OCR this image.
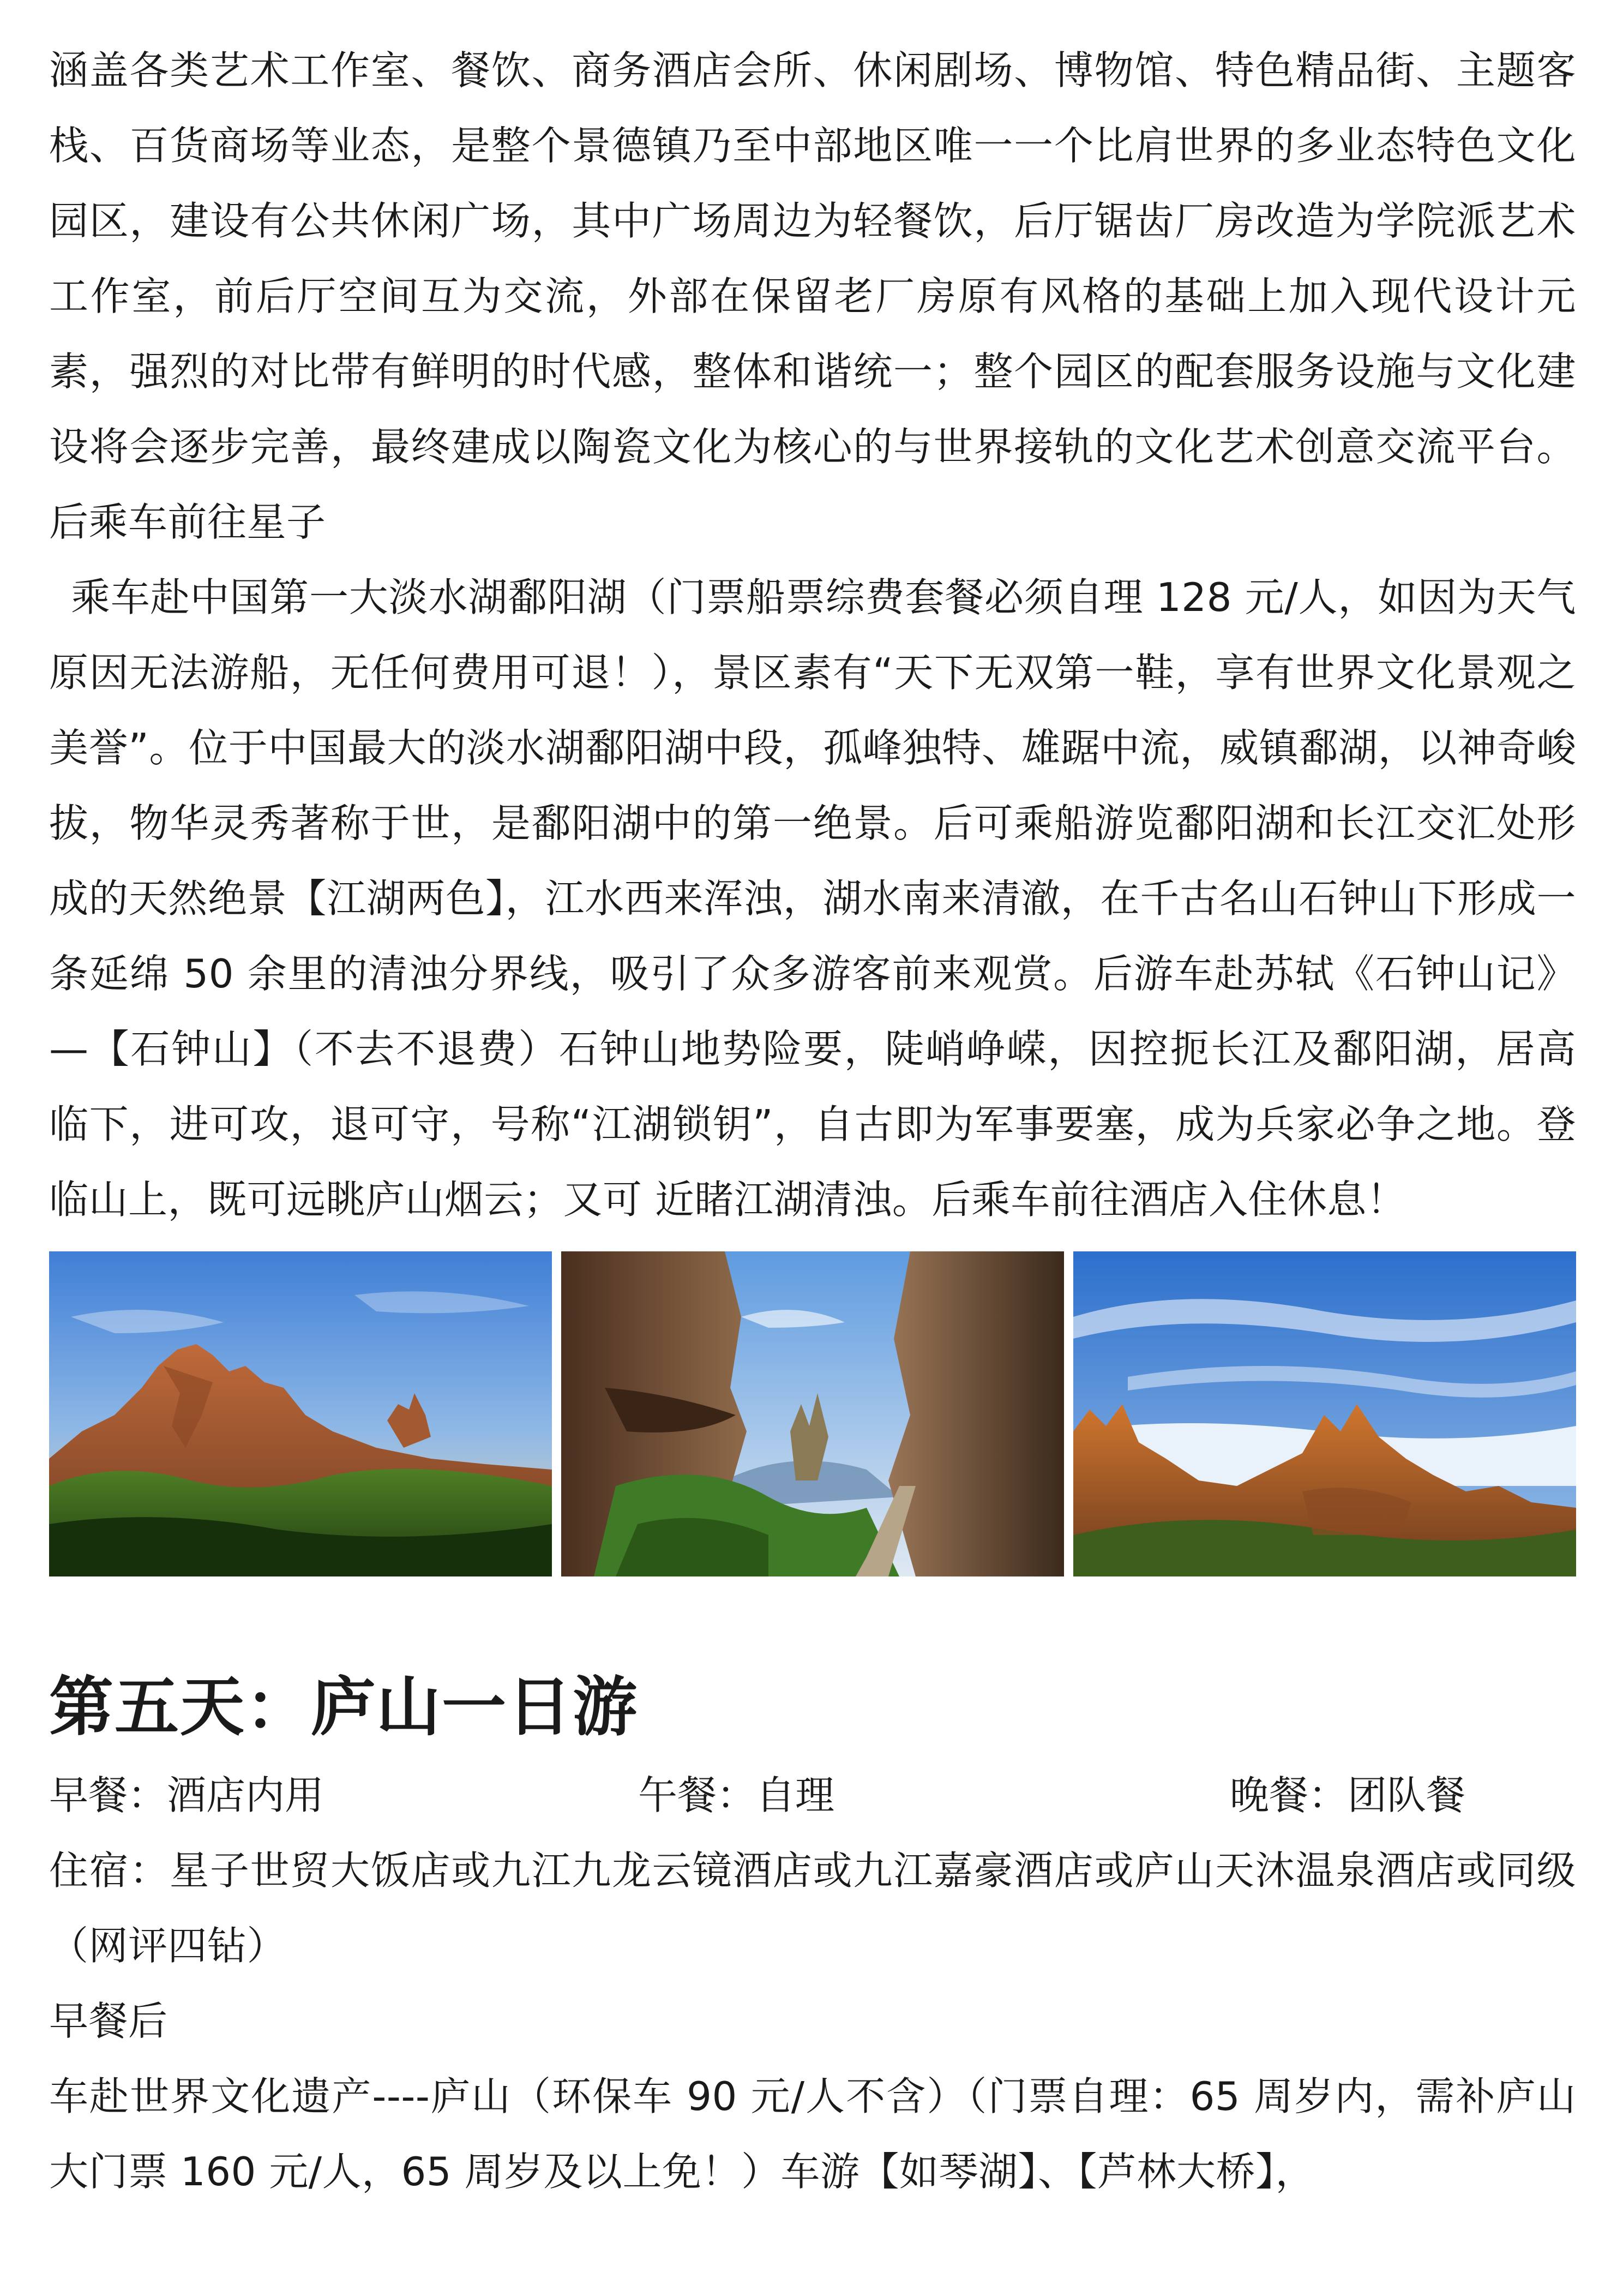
涵盖各类艺术工作室、餐饮、商务酒店会所、休闲剧场、博物馆、特色精品街、主题客栈、百货商场等业态，是整个景德镇乃至中部地区唯一一个比肩世界的多业态特色文化园区，建设有公共休闲广场，其中广场周边为轻餐饮，后厅锯齿厂房改造为学院派艺术工作室，前后厅空间互为交流，外部在保留老厂房原有风格的基础上加入现代设计元素，强烈的对比带有鲜明的时代感，整体和谐统一；整个园区的配套服务设施与文化建设将会逐步完善，最终建成以陶瓷文化为核心的与世界接轨的文化艺术创意交流平台。后乘车前往星子

乘车赴中国第一大淡水湖鄱阳湖（门票船票综费套餐必须自理 128 元/人，如因为天气原因无法游船，无任何费用可退！），景区素有“天下无双第一鞋，享有世界文化景观之美誉”。位于中国最大的淡水湖鄱阳湖中段，孤峰独特、雄踞中流，威镇鄱湖，以神奇峻拔，物华灵秀著称于世，是鄱阳湖中的第一绝景。后可乘船游览鄱阳湖和长江交汇处形成的天然绝景【江湖两色】，江水西来浑浊，湖水南来清澈，在千古名山石钟山下形成一条延绵 50 余里的清浊分界线，吸引了众多游客前来观赏。后游车赴苏轼《石钟山记》—【石钟山】（不去不退费）石钟山地势险要，陡峭峥嵘，因控扼长江及鄱阳湖，居高 临下，进可攻，退可守，号称“江湖锁钥”，自古即为军事要塞，成为兵家必争之地。登临山上，既可远眺庐山烟云；又可 近睹江湖清浊。后乘车前往酒店入住休息！

第五天：庐山一日游
早餐：酒店内用	午餐：自理	晚餐：团队餐

住宿：星子世贸大饭店或九江九龙云镜酒店或九江嘉豪酒店或庐山天沐温泉酒店或同级（网评四钻）

早餐后

车赴世界文化遗产----庐山（环保车 90 元/人不含）（门票自理：65 周岁内，需补庐山大门票 160 元/人，65 周岁及以上免！）车游【如琴湖】、【芦林大桥】，
